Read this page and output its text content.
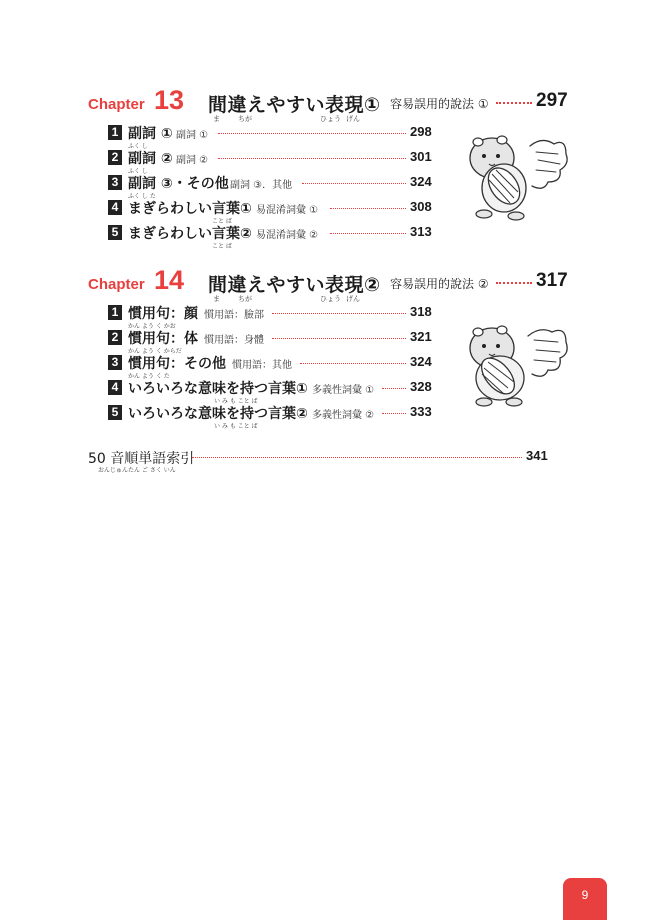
Chapter 13 間違えやすい表現①
ま	ちが	ひょう げん
容易誤用的說法 ① 297
1 副詞 ①
ふく し
副詞 ①	298
2 副詞 ②
ふく し
副詞 ②	301
3 副詞 ③・その他
ふく し た
副詞 ③．其他	324
4 まぎらわしい言葉①
こと ば
易混淆詞彙 ①	308
5 まぎらわしい言葉②
こと ば
易混淆詞彙 ②	313
Chapter 14 間違えやすい表現②
ま	ちが	ひょう げん
容易誤用的說法 ② 317
1 慣用句：顔
かん よう く かお
慣用語：臉部	318
2 慣用句：体
かん よう く からだ
慣用語：身體	321
3 慣用句：その他
かん よう く た
慣用語：其他	324
4 いろいろな意味を持つ言葉①
い み も こと ば
多義性詞彙 ①	328
5 いろいろな意味を持つ言葉②
い み も こと ば
多義性詞彙 ②	333
50 音順単語索引
おんじゅんたん ご さく いん
341
9
